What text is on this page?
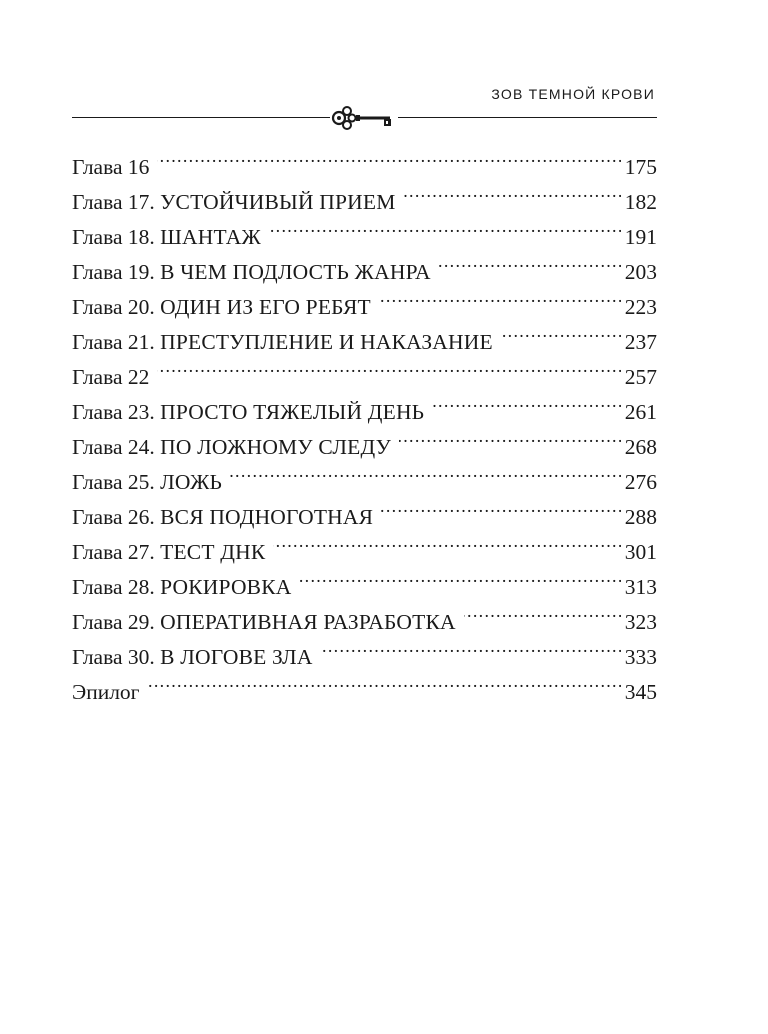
ЗОВ ТЕМНОЙ КРОВИ
Глава 16 . . .	175
Глава 17. УСТОЙЧИВЫЙ ПРИЕМ . . .	182
Глава 18. ШАНТАЖ . . .	191
Глава 19. В ЧЕМ ПОДЛОСТЬ ЖАНРА . . .	203
Глава 20. ОДИН ИЗ ЕГО РЕБЯТ . . .	223
Глава 21. ПРЕСТУПЛЕНИЕ И НАКАЗАНИЕ . . .	237
Глава 22 . . .	257
Глава 23. ПРОСТО ТЯЖЕЛЫЙ ДЕНЬ . . .	261
Глава 24. ПО ЛОЖНОМУ СЛЕДУ . . .	268
Глава 25. ЛОЖЬ . . .	276
Глава 26. ВСЯ ПОДНОГОТНАЯ . . .	288
Глава 27. ТЕСТ ДНК . . .	301
Глава 28. РОКИРОВКА . . .	313
Глава 29. ОПЕРАТИВНАЯ РАЗРАБОТКА . . .	323
Глава 30. В ЛОГОВЕ ЗЛА . . .	333
Эпилог . . .	345
